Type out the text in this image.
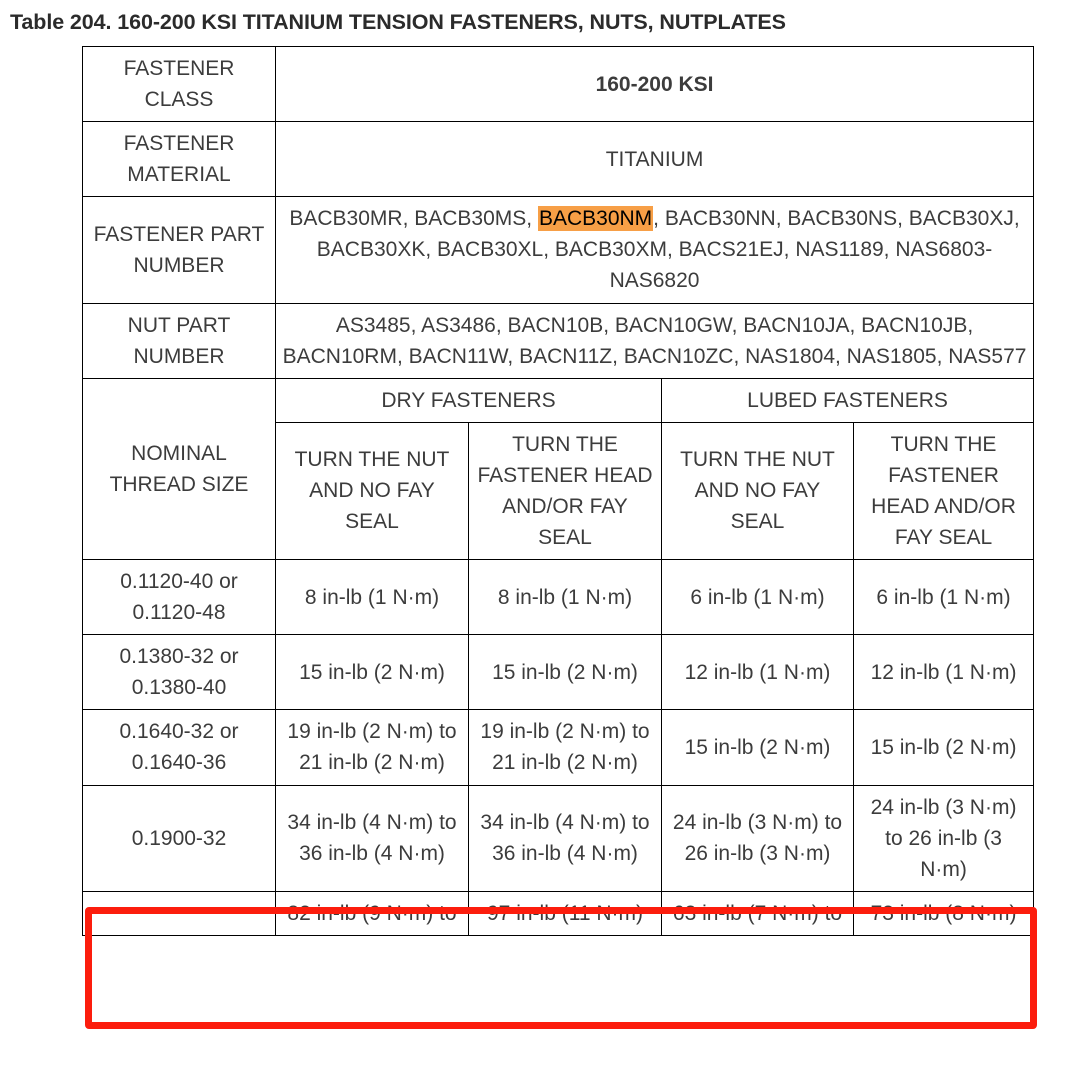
Table 204. 160-200 KSI TITANIUM TENSION FASTENERS, NUTS, NUTPLATES
FASTENER CLASS	160-200 KSI			
FASTENER MATERIAL	TITANIUM			
FASTENER PART NUMBER	BACB30MR, BACB30MS, BACB30NM, BACB30NN, BACB30NS, BACB30XJ, BACB30XK, BACB30XL, BACB30XM, BACS21EJ, NAS1189, NAS6803-NAS6820			
NUT PART NUMBER	AS3485, AS3486, BACN10B, BACN10GW, BACN10JA, BACN10JB, BACN10RM, BACN11W, BACN11Z, BACN10ZC, NAS1804, NAS1805, NAS577			
NOMINAL THREAD SIZE	DRY FASTENERS		LUBED FASTENERS	
	TURN THE NUT AND NO FAY SEAL	TURN THE FASTENER HEAD AND/OR FAY SEAL	TURN THE NUT AND NO FAY SEAL	TURN THE FASTENER HEAD AND/OR FAY SEAL
0.1120-40 or 0.1120-48	8 in-lb (1 N·m)	8 in-lb (1 N·m)	6 in-lb (1 N·m)	6 in-lb (1 N·m)
0.1380-32 or 0.1380-40	15 in-lb (2 N·m)	15 in-lb (2 N·m)	12 in-lb (1 N·m)	12 in-lb (1 N·m)
0.1640-32 or 0.1640-36	19 in-lb (2 N·m) to 21 in-lb (2 N·m)	19 in-lb (2 N·m) to 21 in-lb (2 N·m)	15 in-lb (2 N·m)	15 in-lb (2 N·m)
0.1900-32	34 in-lb (4 N·m) to 36 in-lb (4 N·m)	34 in-lb (4 N·m) to 36 in-lb (4 N·m)	24 in-lb (3 N·m) to 26 in-lb (3 N·m)	24 in-lb (3 N·m) to 26 in-lb (3 N·m)
	82 in-lb (9 N·m) to	97 in-lb (11 N·m)	63 in-lb (7 N·m) to	73 in-lb (8 N·m)
